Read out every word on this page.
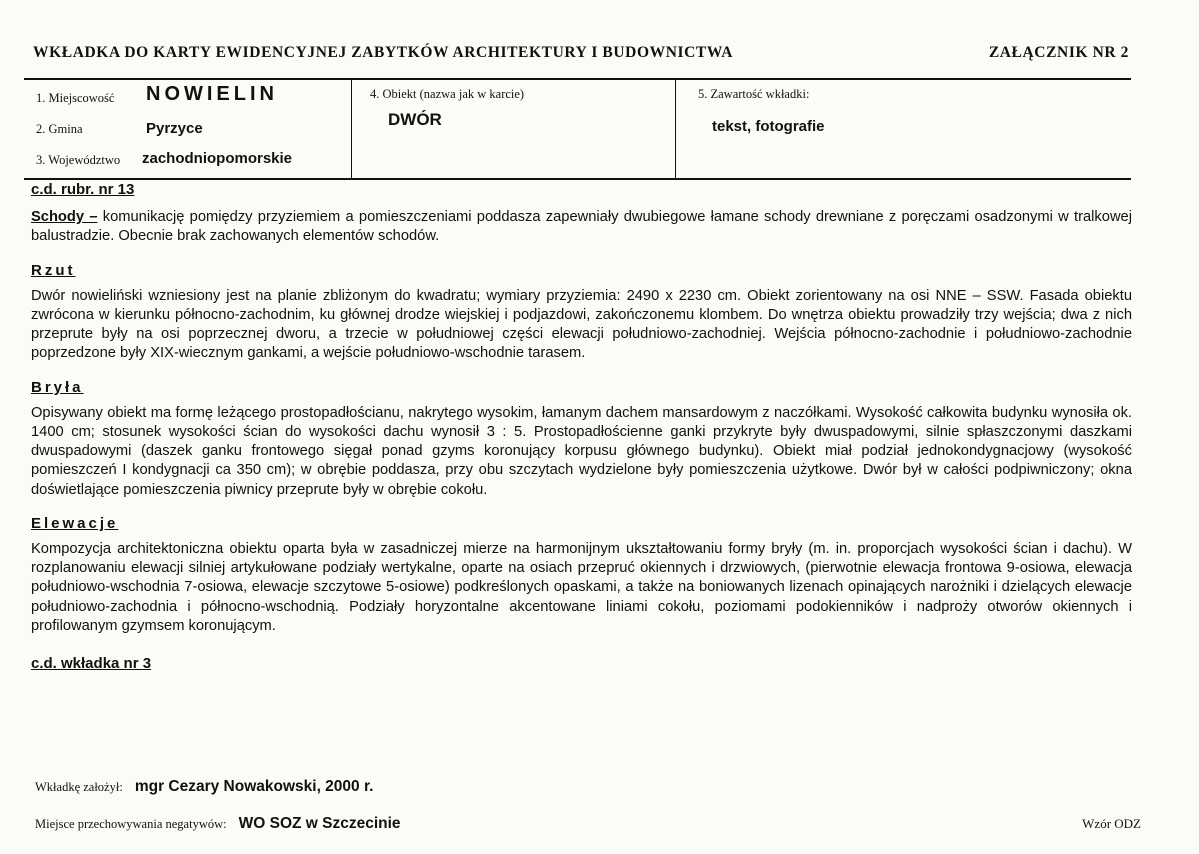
WKŁADKA DO KARTY EWIDENCYJNEJ ZABYTKÓW ARCHITEKTURY I BUDOWNICTWA	ZAŁĄCZNIK NR 2
1. Miejscowość NOWIELIN
2. Gmina	Pyrzyce
3. Województwo zachodniopomorskie
4. Obiekt (nazwa jak w karcie)
DWÓR
5. Zawartość wkładki:
tekst, fotografie
c.d. rubr. nr 13

Schody – komunikację pomiędzy przyziemiem a pomieszczeniami poddasza zapewniały dwubiegowe łamane schody drewniane z poręczami osadzonymi w tralkowej balustradzie. Obecnie brak zachowanych elementów schodów.

Rzut

Dwór nowieliński wzniesiony jest na planie zbliżonym do kwadratu; wymiary przyziemia: 2490 x 2230 cm. Obiekt zorientowany na osi NNE – SSW. Fasada obiektu zwrócona w kierunku północno-zachodnim, ku głównej drodze wiejskiej i podjazdowi, zakończonemu klombem. Do wnętrza obiektu prowadziły trzy wejścia; dwa z nich przeprute były na osi poprzecznej dworu, a trzecie w południowej części elewacji południowo-zachodniej. Wejścia północno-zachodnie i południowo-zachodnie poprzedzone były XIX-wiecznym gankami, a wejście południowo-wschodnie tarasem.

Bryła

Opisywany obiekt ma formę leżącego prostopadłościanu, nakrytego wysokim, łamanym dachem mansardowym z naczółkami. Wysokość całkowita budynku wynosiła ok. 1400 cm; stosunek wysokości ścian do wysokości dachu wynosił 3 : 5. Prostopadłościenne ganki przykryte były dwuspadowymi, silnie spłaszczonymi daszkami dwuspadowymi (daszek ganku frontowego sięgał ponad gzyms koronujący korpusu głównego budynku). Obiekt miał podział jednokondygnacjowy (wysokość pomieszczeń I kondygnacji ca 350 cm); w obrębie poddasza, przy obu szczytach wydzielone były pomieszczenia użytkowe. Dwór był w całości podpiwniczony; okna doświetlające pomieszczenia piwnicy przeprute były w obrębie cokołu.

Elewacje

Kompozycja architektoniczna obiektu oparta była w zasadniczej mierze na harmonijnym ukształtowaniu formy bryły (m. in. proporcjach wysokości ścian i dachu). W rozplanowaniu elewacji silniej artykułowane podziały wertykalne, oparte na osiach przepruć okiennych i drzwiowych, (pierwotnie elewacja frontowa 9-osiowa, elewacja południowo-wschodnia 7-osiowa, elewacje szczytowe 5-osiowe) podkreślonych opaskami, a także na boniowanych lizenach opinających narożniki i dzielących elewacje południowo-zachodnia i północno-wschodnią. Podziały horyzontalne akcentowane liniami cokołu, poziomami podokienników i nadproży otworów okiennych i profilowanym gzymsem koronującym.

c.d. wkładka nr 3
Wkładkę założył: mgr Cezary Nowakowski, 2000 r.
Miejsce przechowywania negatywów: WO SOZ w Szczecinie	Wzór ODZ
